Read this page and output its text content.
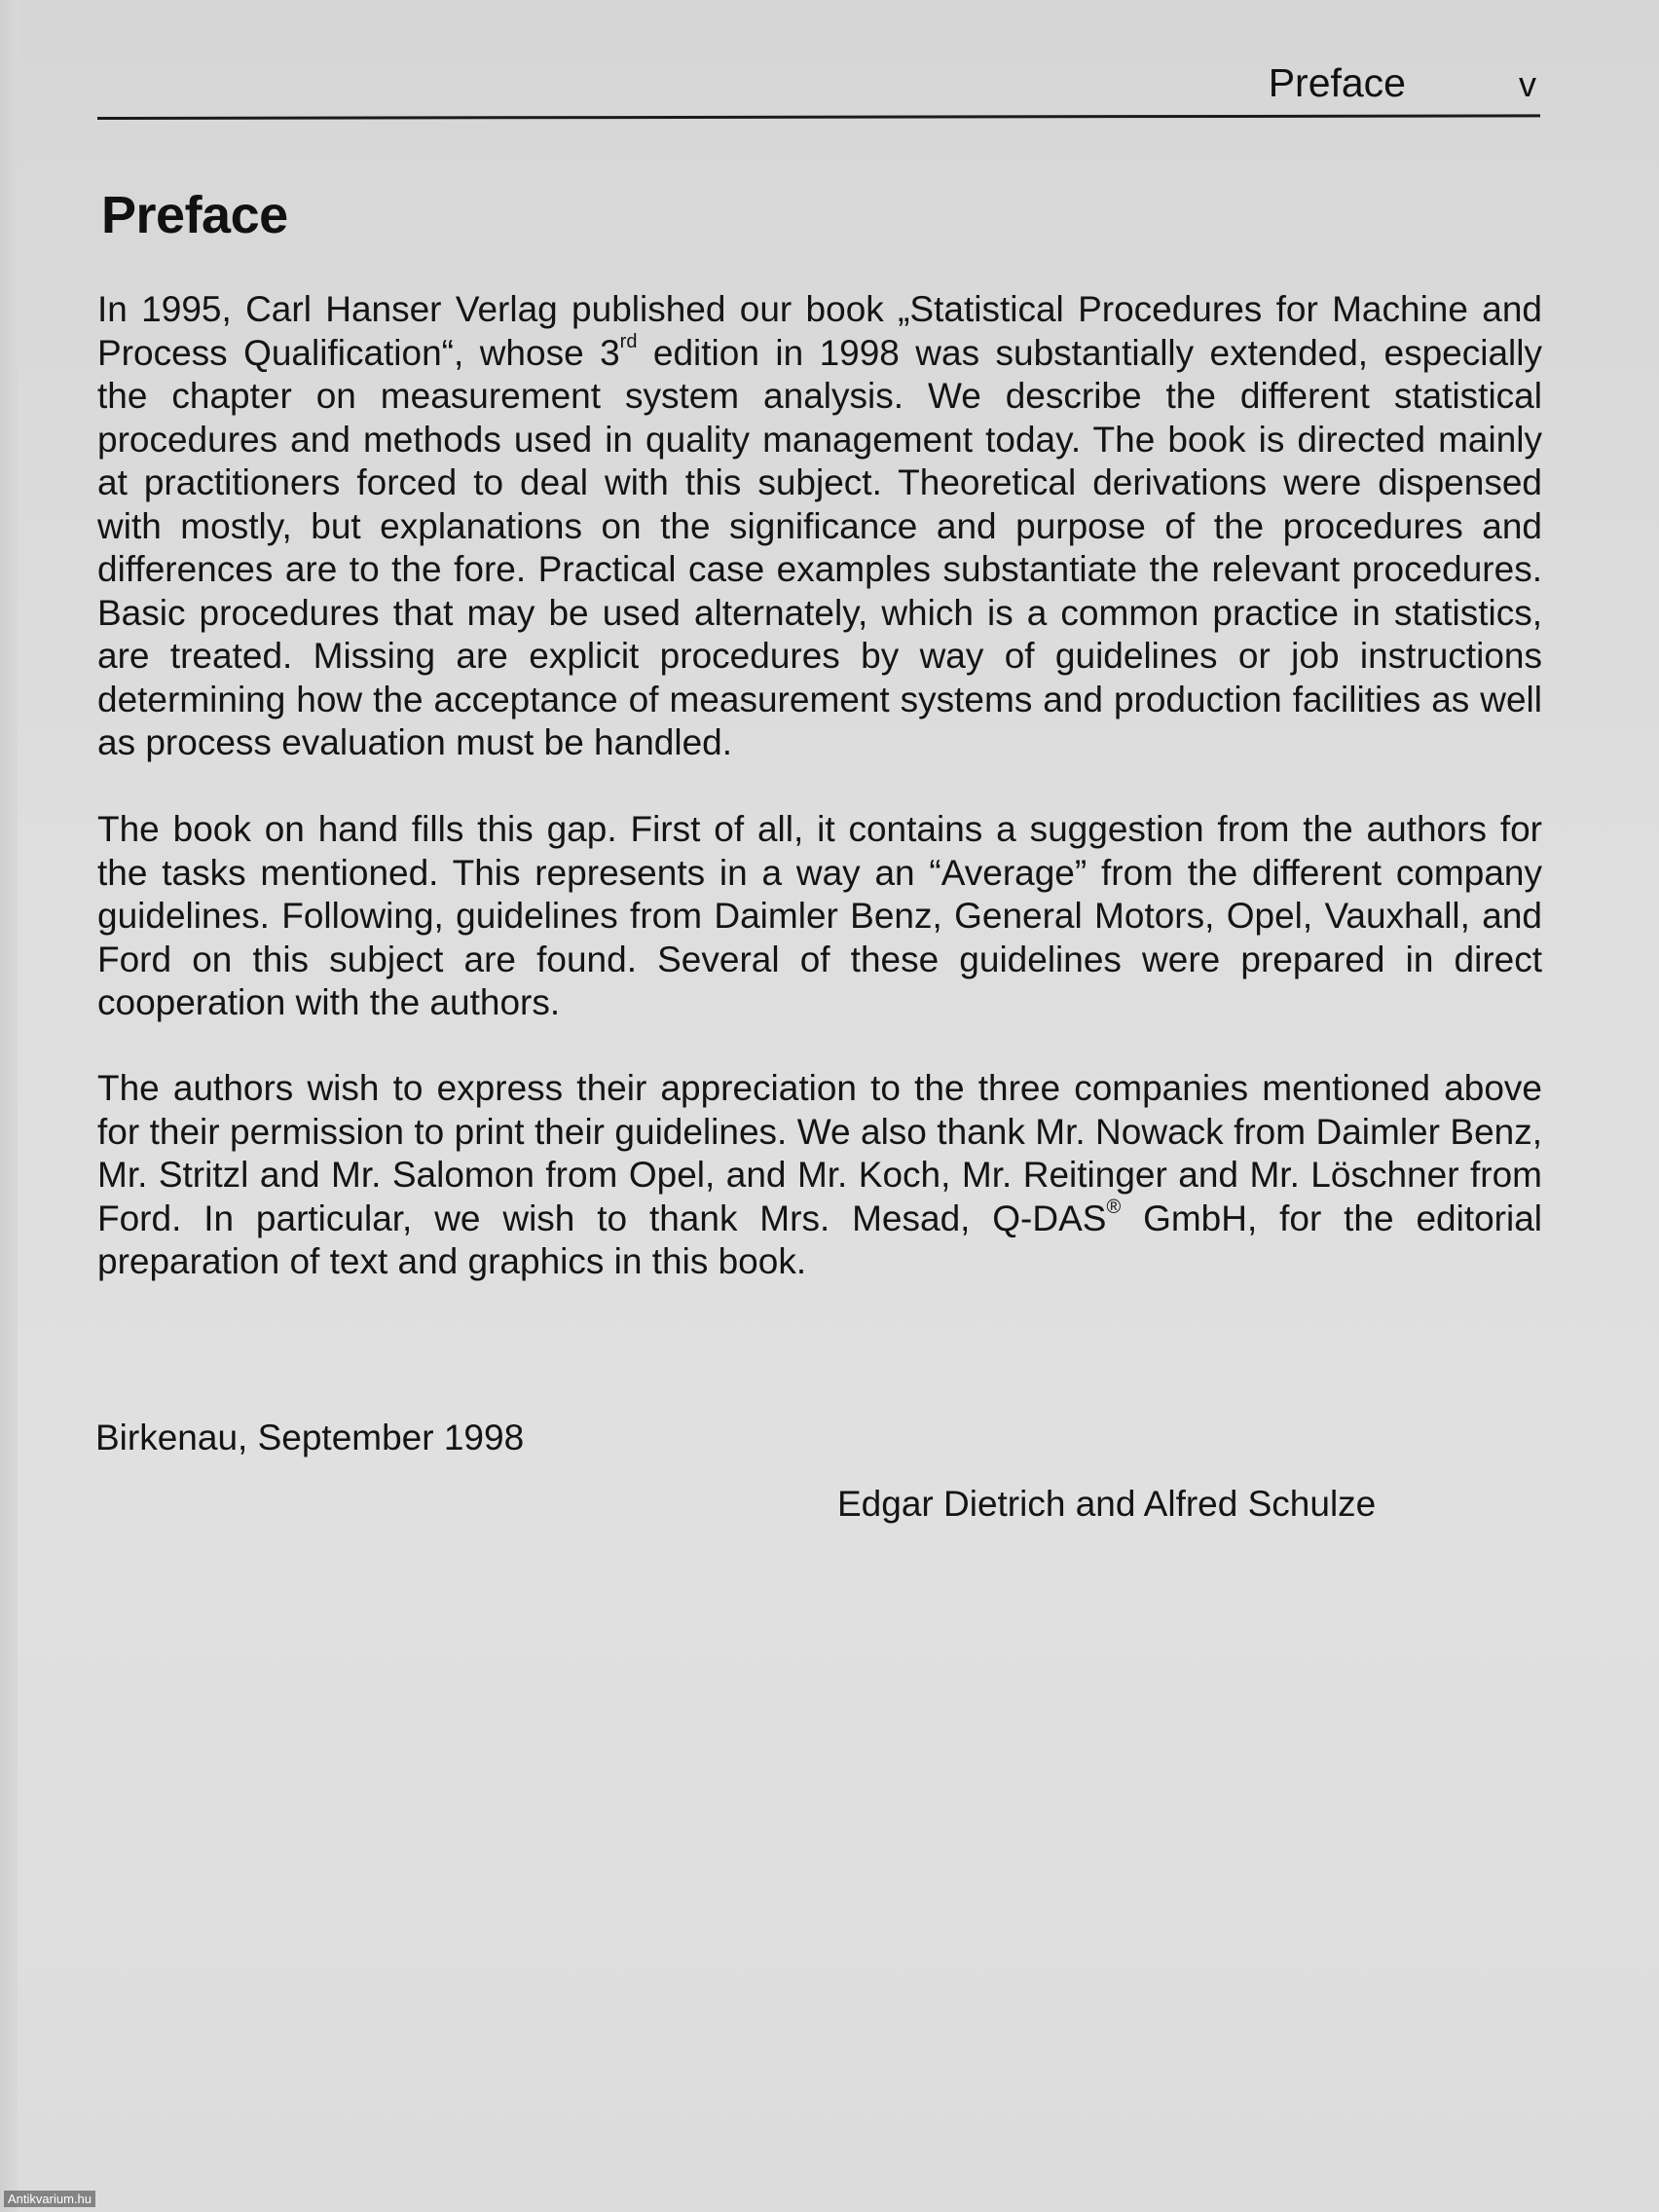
Preface	v
Preface
In 1995, Carl Hanser Verlag published our book „Statistical Procedures for Machine and Process Qualification“, whose 3rd edition in 1998 was substantially extended, especially the chapter on measurement system analysis. We describe the different statistical procedures and methods used in quality management today. The book is directed mainly at practitioners forced to deal with this subject. Theoretical derivations were dispensed with mostly, but explanations on the significance and purpose of the procedures and differences are to the fore. Practical case examples substantiate the relevant procedures. Basic procedures that may be used alternately, which is a common practice in statistics, are treated. Missing are explicit procedures by way of guidelines or job instructions determining how the acceptance of measurement systems and production facilities as well as process evaluation must be handled.
The book on hand fills this gap. First of all, it contains a suggestion from the authors for the tasks mentioned. This represents in a way an “Average” from the different company guidelines. Following, guidelines from Daimler Benz, General Motors, Opel, Vauxhall, and Ford on this subject are found. Several of these guidelines were prepared in direct cooperation with the authors.
The authors wish to express their appreciation to the three companies mentioned above for their permission to print their guidelines. We also thank Mr. Nowack from Daimler Benz, Mr. Stritzl and Mr. Salomon from Opel, and Mr. Koch, Mr. Reitinger and Mr. Löschner from Ford. In particular, we wish to thank Mrs. Mesad, Q-DAS® GmbH, for the editorial preparation of text and graphics in this book.
Birkenau, September 1998
Edgar Dietrich and Alfred Schulze
Antikvarium.hu
